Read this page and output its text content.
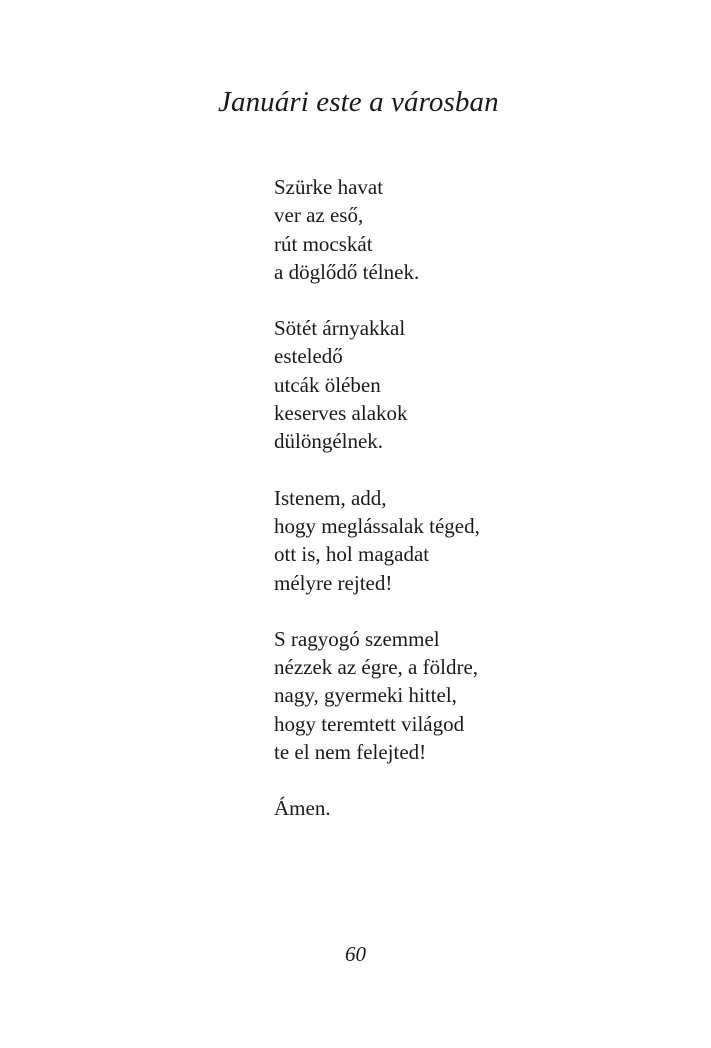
Januári este a városban
Szürke havat
ver az eső,
rút mocskát
a döglődő télnek.
Sötét árnyakkal
esteledő
utcák ölében
keserves alakok
dülöngélnek.
Istenem, add,
hogy meglássalak téged,
ott is, hol magadat
mélyre rejted!
S ragyogó szemmel
nézzek az égre, a földre,
nagy, gyermeki hittel,
hogy teremtett világod
te el nem felejted!
Ámen.
60
